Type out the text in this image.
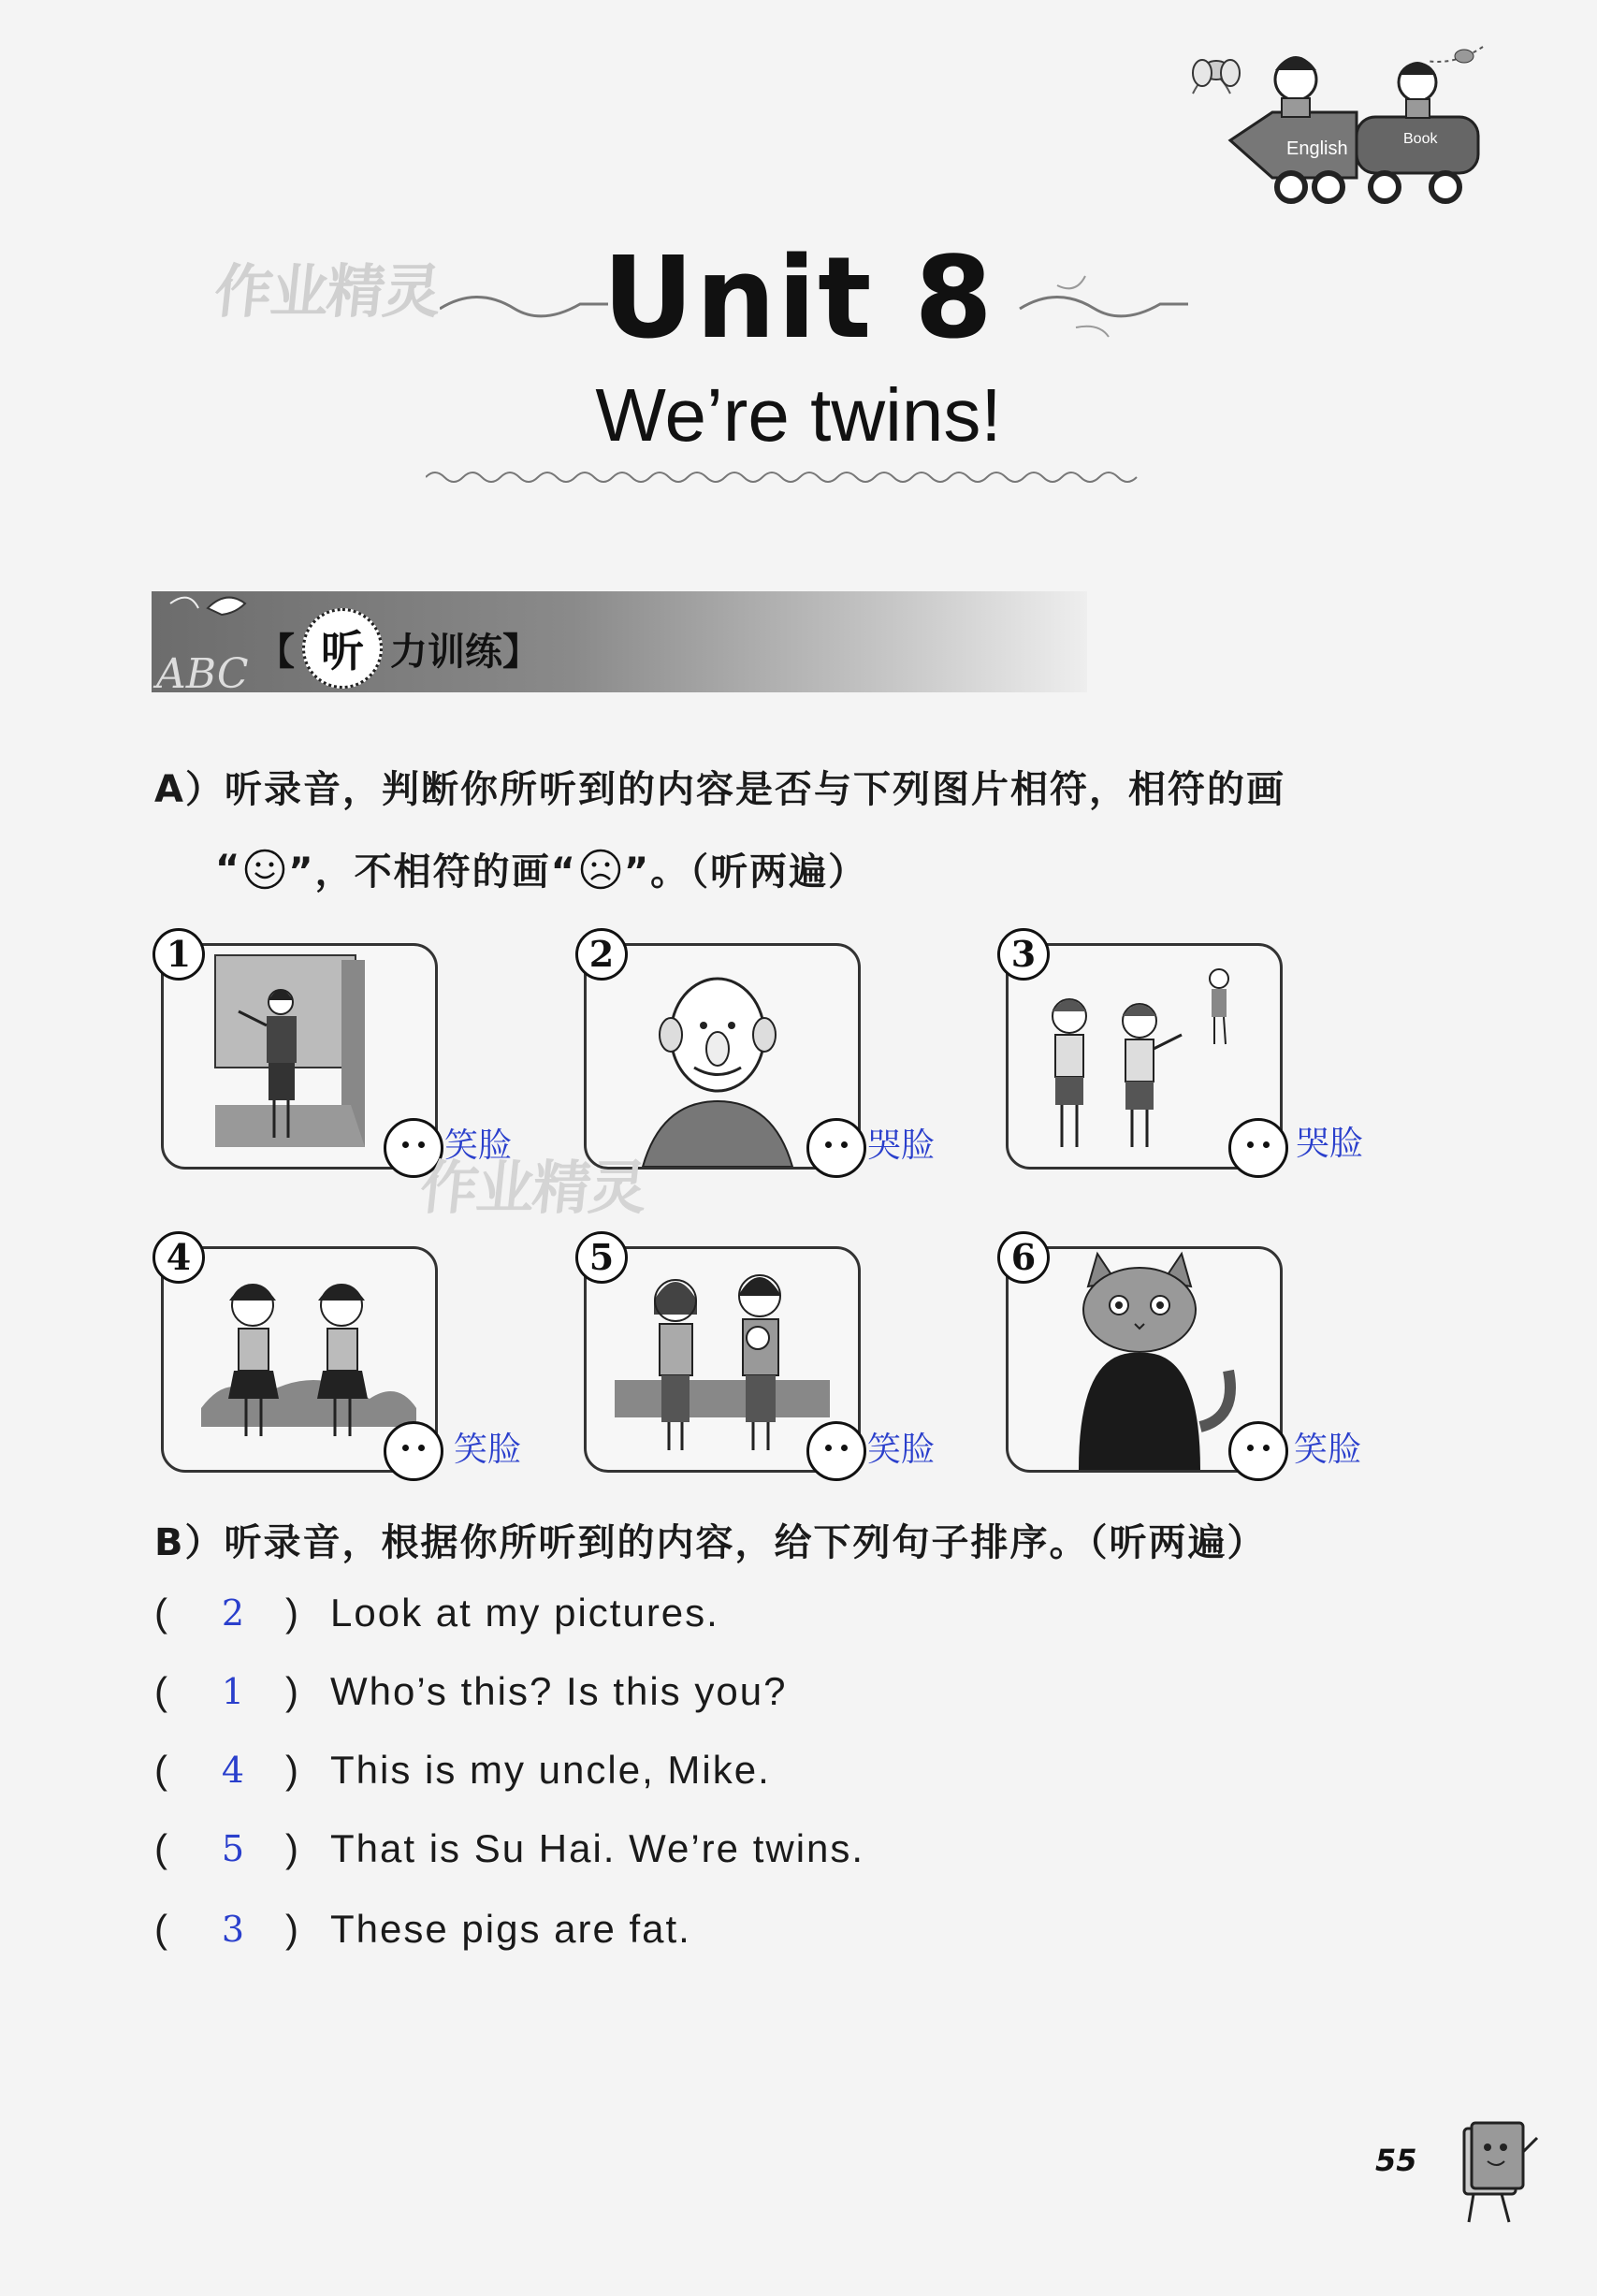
English	Book
作业精灵	Unit 8
We’re twins!
ABC 【 听 力训练 】
A）听录音，判断你所听到的内容是否与下列图片相符，相符的画
“ ”，不相符的画“ ”。（听两遍）
1
笑脸
2
哭脸
3
哭脸
作业精灵
4
笑脸
5
笑脸
6
笑脸
B）听录音，根据你所听到的内容，给下列句子排序。（听两遍）
(	2 ) Look at my pictures.
(	1 ) Who’s this? Is this you?
(	4 ) This is my uncle, Mike.
(	5 ) That is Su Hai. We’re twins.
(	3 ) These pigs are fat.
55
